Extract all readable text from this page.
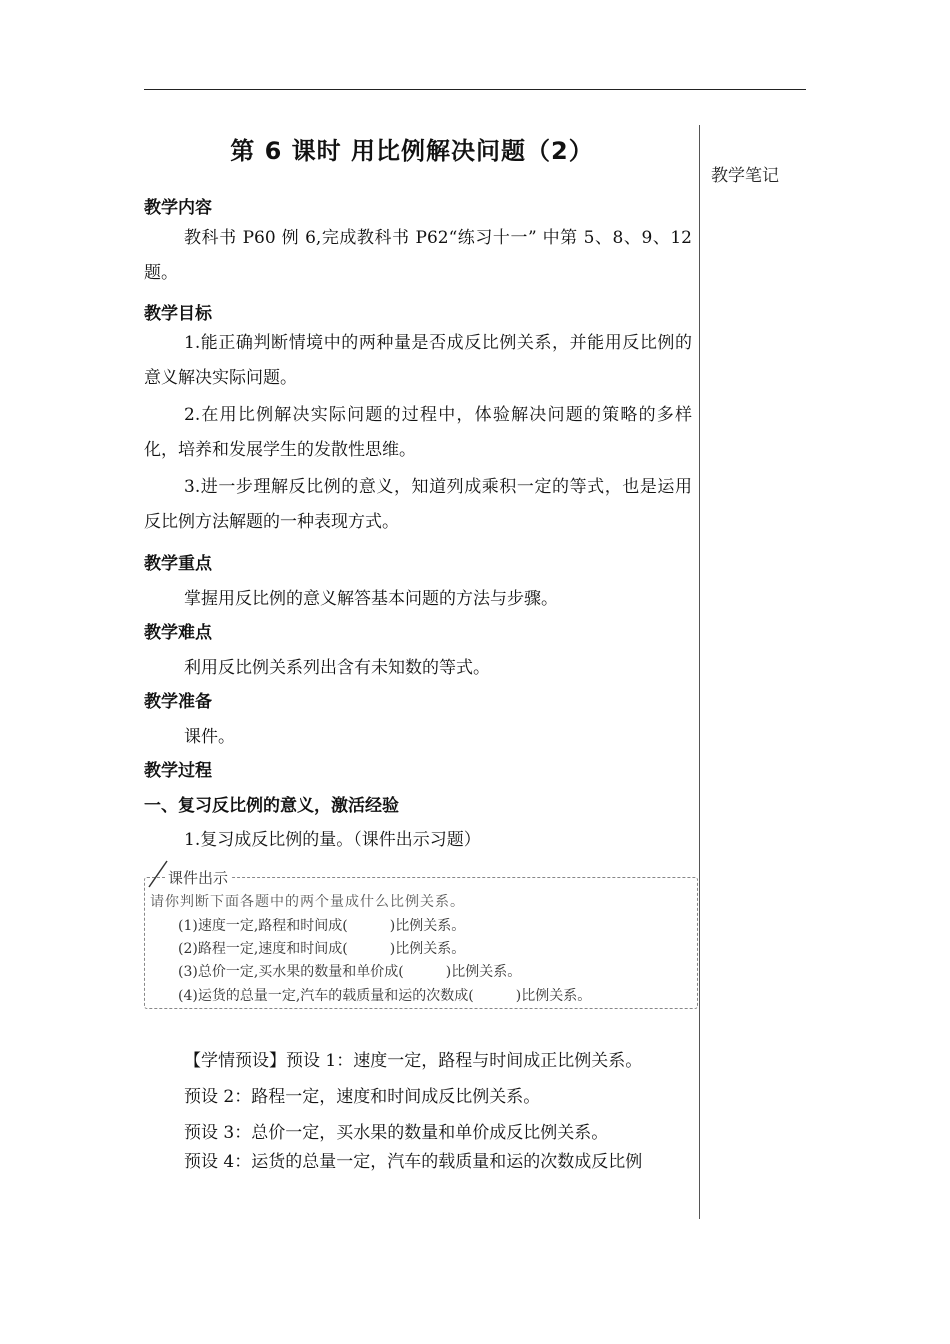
教学笔记
第 6 课时 用比例解决问题（2）
教学内容
教科书 P60 例 6,完成教科书 P62“练习十一” 中第 5、8、9、12 题。
教学目标
1.能正确判断情境中的两种量是否成反比例关系，并能用反比例的意义解决实际问题。
2.在用比例解决实际问题的过程中，体验解决问题的策略的多样化，培养和发展学生的发散性思维。
3.进一步理解反比例的意义，知道列成乘积一定的等式，也是运用反比例方法解题的一种表现方式。
教学重点
掌握用反比例的意义解答基本问题的方法与步骤。
教学难点
利用反比例关系列出含有未知数的等式。
教学准备
课件。
教学过程
一、复习反比例的意义，激活经验
1.复习成反比例的量。（课件出示习题）
课件出示
请你判断下面各题中的两个量成什么比例关系。
(1)速度一定,路程和时间成(　　　)比例关系。
(2)路程一定,速度和时间成(　　　)比例关系。
(3)总价一定,买水果的数量和单价成(　　　)比例关系。
(4)运货的总量一定,汽车的载质量和运的次数成(　　　)比例关系。
【学情预设】预设 1：速度一定，路程与时间成正比例关系。
预设 2：路程一定，速度和时间成反比例关系。
预设 3：总价一定，买水果的数量和单价成反比例关系。
预设 4：运货的总量一定，汽车的载质量和运的次数成反比例
